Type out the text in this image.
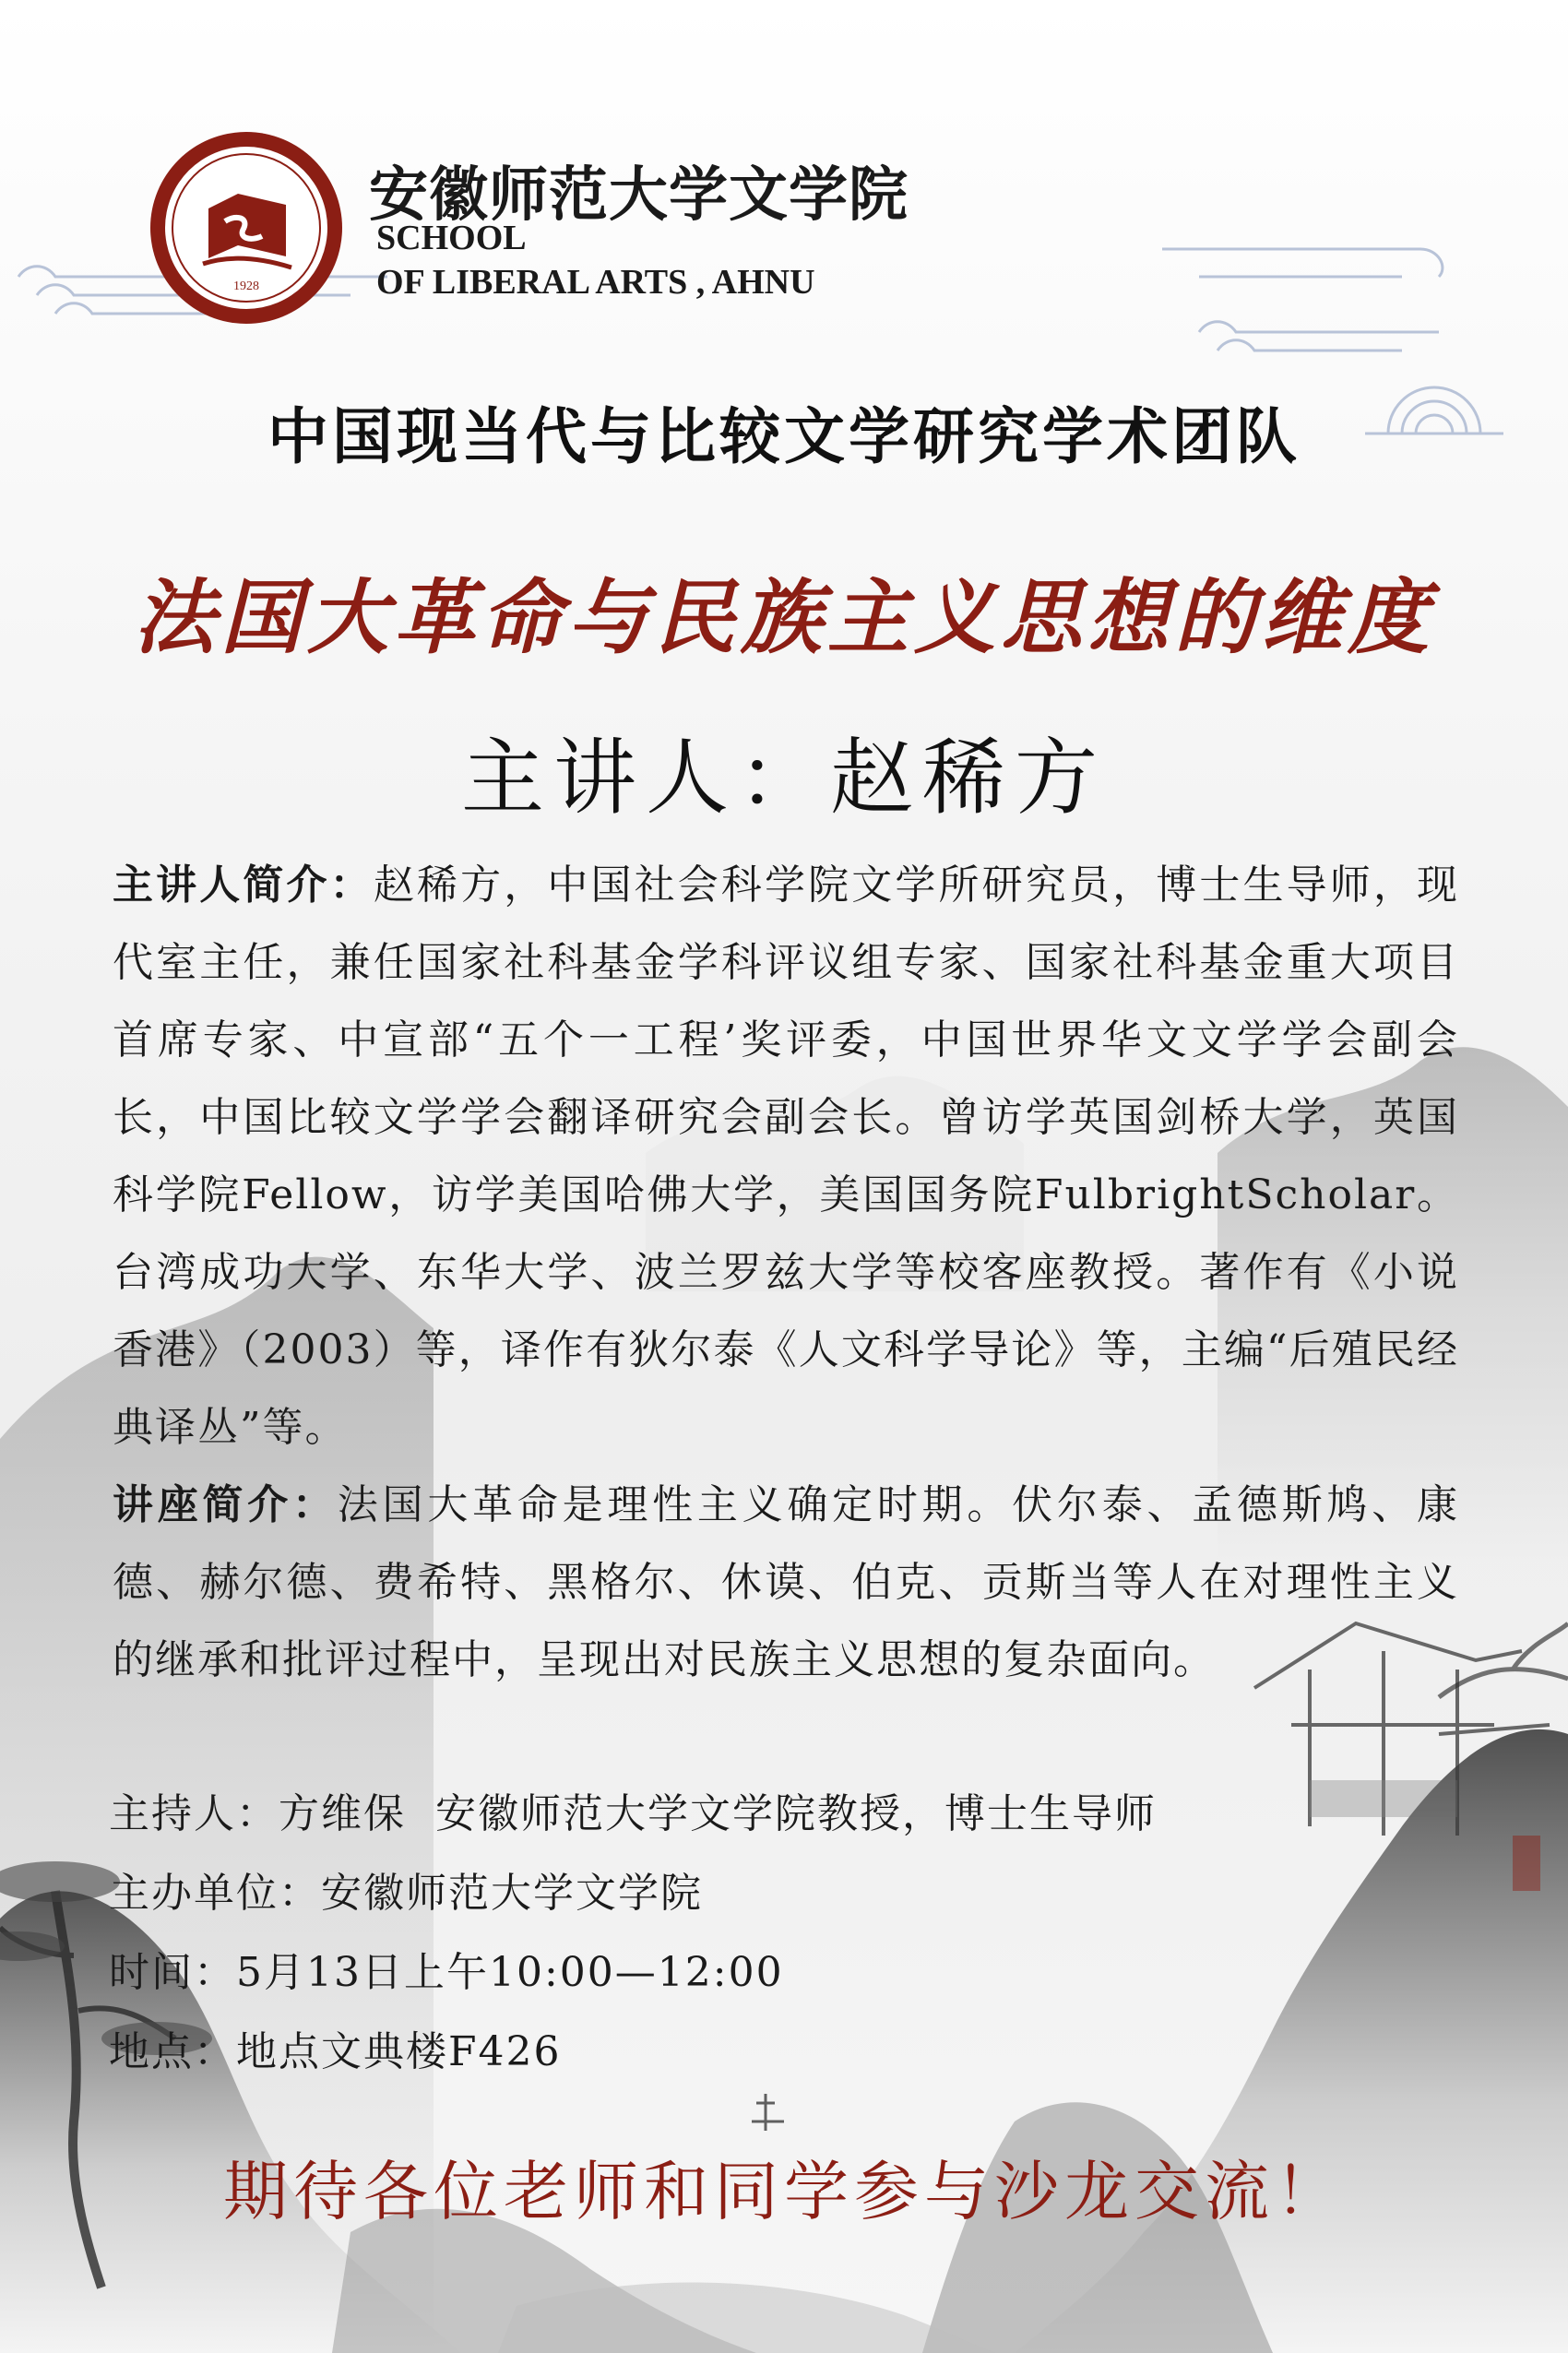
1928
安徽师范大学文学院
SCHOOL
OF LIBERAL ARTS , AHNU
中国现当代与比较文学研究学术团队
法国大革命与民族主义思想的维度
主讲人：赵稀方

主讲人简介：赵稀方，中国社会科学院文学所研究员，博士生导师，现代室主任，兼任国家社科基金学科评议组专家、国家社科基金重大项目首席专家、中宣部“五个一工程’奖评委，中国世界华文文学学会副会长，中国比较文学学会翻译研究会副会长。曾访学英国剑桥大学，英国科学院Fellow，访学美国哈佛大学，美国国务院FulbrightScholar。台湾成功大学、东华大学、波兰罗兹大学等校客座教授。著作有《小说香港》（2003）等，译作有狄尔泰《人文科学导论》等，主编“后殖民经典译丛”等。

讲座简介：法国大革命是理性主义确定时期。伏尔泰、孟德斯鸠、康德、赫尔德、费希特、黑格尔、休谟、伯克、贡斯当等人在对理性主义的继承和批评过程中，呈现出对民族主义思想的复杂面向。

主持人：方维保  安徽师范大学文学院教授，博士生导师
主办单位：安徽师范大学文学院
时间：5月13日上午10:00—12:00
地点：地点文典楼F426
期待各位老师和同学参与沙龙交流！
